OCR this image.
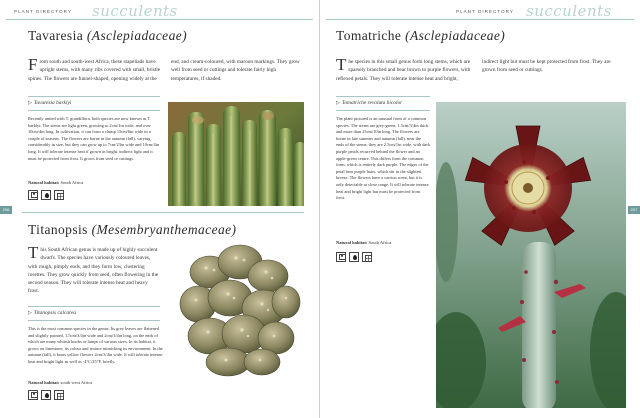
PLANT DIRECTORY succulents
Tavaresia (Asclepiadaceae)
From south and south-west Africa, these stapeliads have upright stems, with many ribs covered with small, bristle spines. The flowers are funnel-shaped, opening widely at the end, and cream-coloured, with maroon markings. They grow well from seed or cuttings and tolerate fairly high temperatures, if shaded.
▷ Tavaresia barklyi
Recently united with T. grandiflora, both species are now known as T. barklyi. The stems are light green, growing to 2cm/1in wide, and over 10cm/4in long. In cultivation, it can form a clump 15cm/6in wide in a couple of seasons. The flowers are borne in the autumn (fall), varying considerably in size, but they can grow up to 7cm/23in wide and 10cm/4in long. It will tolerate intense heat if grown in bright, indirect light and it must be protected from frost. It grows from seed or cuttings.
Natural habitat: South Africa
Titanopsis (Mesembryanthemaceae)
This South African genus is made up of highly succulent dwarfs. The species have variously coloured leaves, with rough, pimply ends, and they form low, clustering rosettes. They grow quickly from seed, often flowering in the second season. They will tolerate intense heat and heavy frost.
▷ Titanopsis calcarea
This is the most common species in the genus. Its grey leaves are flattened and slightly pointed, 1.5cm/3/4in wide and 2cm/3/4in long, on the ends of which are many whitish knobs or lumps of various sizes. In its habitat, it grows on limestone, its colour and texture mimicking its environment. In the autumn (fall), it bears yellow flowers 2cm/3/4in wide. It will tolerate intense heat and bright light as well as -4°C/25°F, briefly.
Natural habitat: south-west Africa
206
PLANT DIRECTORY succulents
Tomatriche (Asclepiadaceae)
The species in this small genus form long stems, which are sparsely branched and bear brown to purple flowers, with reflexed petals. They will tolerate intense heat and bright, indirect light but must be kept protected from frost. They are grown from seed or cuttings.
▷ Tomatriche revoluta bicolor
The plant pictured is an unusual form of a common species. The stems are grey-green, 1.5cm/3/4in thick and more than 25cm/10in long. The flowers are borne in late summer and autumn (fall), near the ends of the stems; they are 2.5cm/1in wide, with dark purple petals recurved behind the flower and an apple-green centre. This differs from the common form, which is entirely dark purple. The edges of the petal bear purple hairs, which stir in the slightest breeze. The flowers have a carrion scent, but it is only detectable at close range. It will tolerate intense heat and bright light but must be protected from frost.
Natural habitat: South Africa
207
